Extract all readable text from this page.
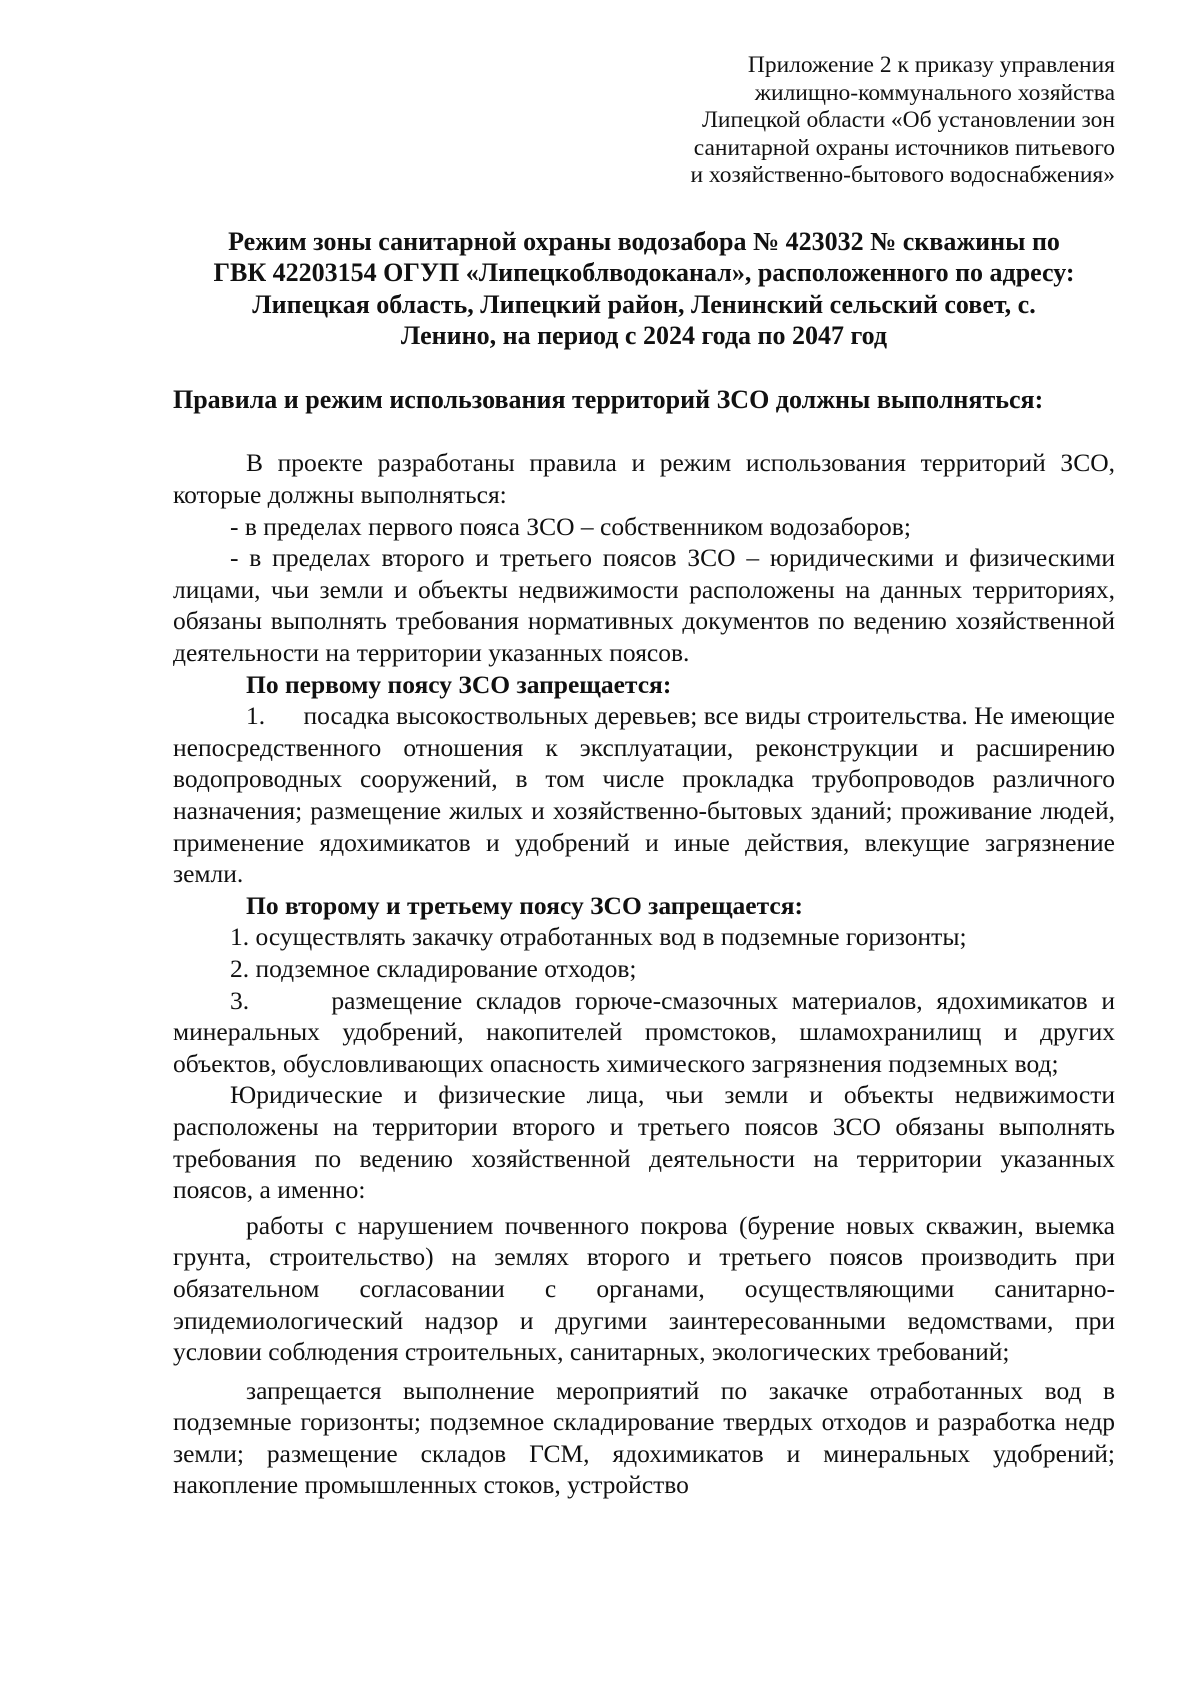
Приложение 2 к приказу управления
жилищно-коммунального хозяйства
Липецкой области «Об установлении зон
санитарной охраны источников питьевого
и хозяйственно-бытового водоснабжения»
Режим зоны санитарной охраны водозабора № 423032 № скважины по
ГВК 42203154 ОГУП «Липецкоблводоканал», расположенного по адресу:
Липецкая область, Липецкий район, Ленинский сельский совет, с.
Ленино, на период с 2024 года по 2047 год
Правила и режим использования территорий ЗСО должны выполняться:

В проекте разработаны правила и режим использования территорий ЗСО, которые должны выполняться:

- в пределах первого пояса ЗСО – собственником водозаборов;

- в пределах второго и третьего поясов ЗСО – юридическими и физическими лицами, чьи земли и объекты недвижимости расположены на данных территориях, обязаны выполнять требования нормативных документов по ведению хозяйственной деятельности на территории указанных поясов.

По первому поясу ЗСО запрещается:

1.      посадка высокоствольных деревьев; все виды строительства. Не имеющие непосредственного отношения к эксплуатации, реконструкции и расширению водопроводных сооружений, в том числе прокладка трубопроводов различного назначения; размещение жилых и хозяйственно-бытовых зданий; проживание людей, применение ядохимикатов и удобрений и иные действия, влекущие загрязнение земли.

По второму и третьему поясу ЗСО запрещается:

1. осуществлять закачку отработанных вод в подземные горизонты;

2. подземное складирование отходов;

3.      размещение складов горюче-смазочных материалов, ядохимикатов и минеральных удобрений, накопителей промстоков, шламохранилищ и других объектов, обусловливающих опасность химического загрязнения подземных вод;

Юридические и физические лица, чьи земли и объекты недвижимости расположены на территории второго и третьего поясов ЗСО обязаны выполнять требования по ведению хозяйственной деятельности на территории указанных поясов, а именно:

работы с нарушением почвенного покрова (бурение новых скважин, выемка грунта, строительство) на землях второго и третьего поясов производить при обязательном согласовании с органами, осуществляющими санитарно-эпидемиологический надзор и другими заинтересованными ведомствами, при условии соблюдения строительных, санитарных, экологических требований;

запрещается выполнение мероприятий по закачке отработанных вод в подземные горизонты; подземное складирование твердых отходов и разработка недр земли; размещение складов ГСМ, ядохимикатов и минеральных удобрений; накопление промышленных стоков, устройство
